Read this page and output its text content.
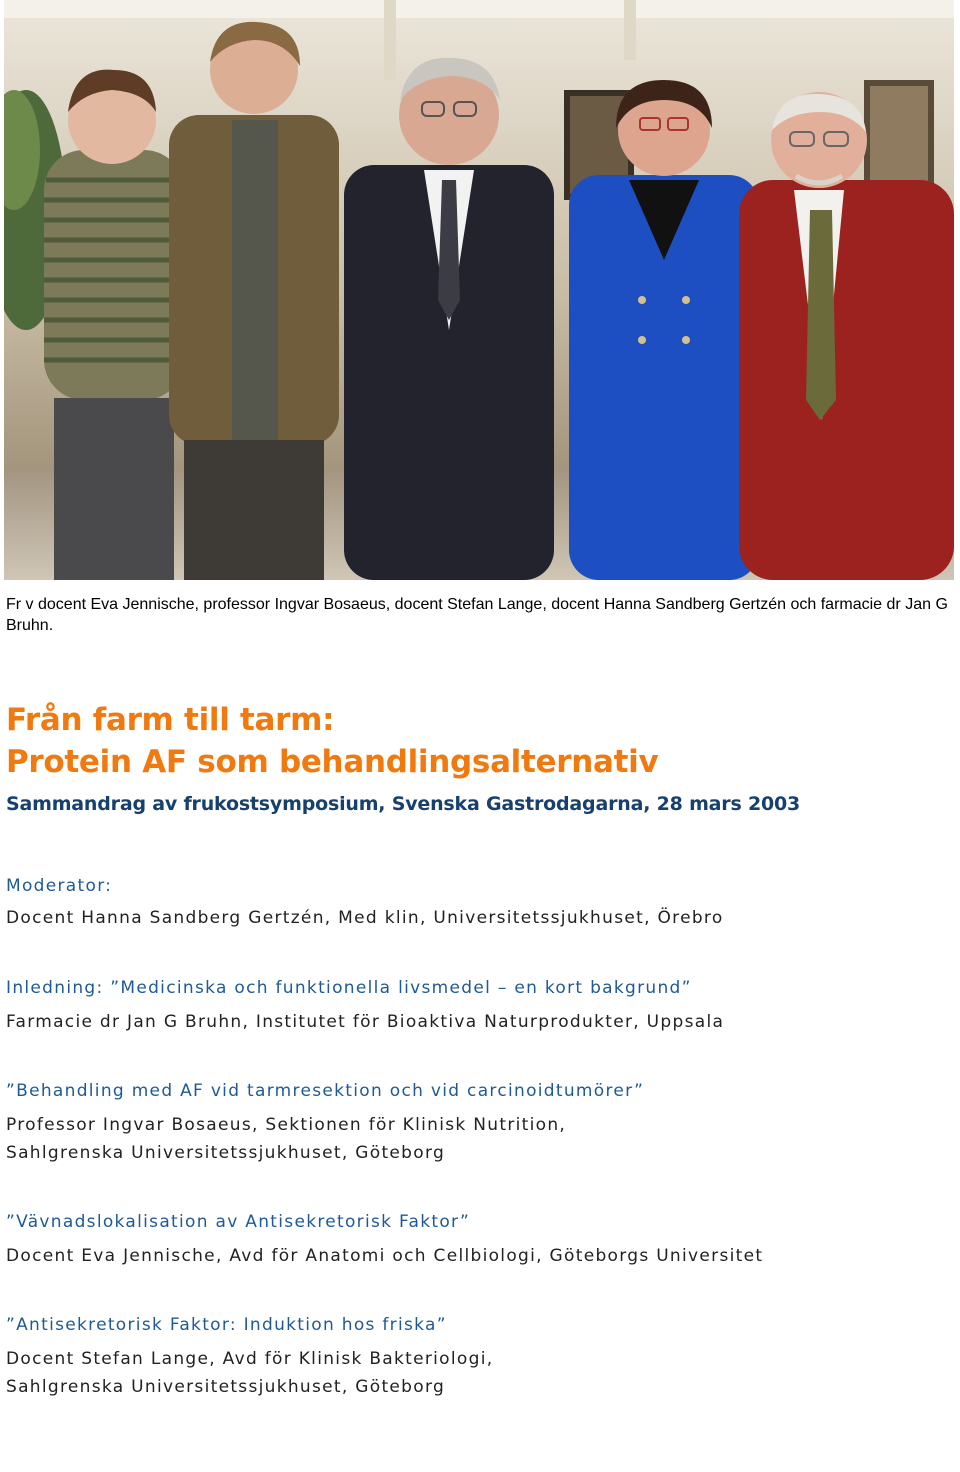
Fr v docent Eva Jennische, professor Ingvar Bosaeus, docent Stefan Lange, docent Hanna Sandberg Gertzén och farmacie dr Jan G Bruhn.

Från farm till tarm:
Protein AF som behandlingsalternativ
Sammandrag av frukostsymposium, Svenska Gastrodagarna, 28 mars 2003

Moderator:

Docent Hanna Sandberg Gertzén, Med klin, Universitetssjukhuset, Örebro

Inledning: ”Medicinska och funktionella livsmedel – en kort bakgrund”

Farmacie dr Jan G Bruhn, Institutet för Bioaktiva Naturprodukter, Uppsala

”Behandling med AF vid tarmresektion och vid carcinoidtumörer”

Professor Ingvar Bosaeus, Sektionen för Klinisk Nutrition,

Sahlgrenska Universitetssjukhuset, Göteborg

”Vävnadslokalisation av Antisekretorisk Faktor”

Docent Eva Jennische, Avd för Anatomi och Cellbiologi, Göteborgs Universitet

”Antisekretorisk Faktor: Induktion hos friska”

Docent Stefan Lange, Avd för Klinisk Bakteriologi,

Sahlgrenska Universitetssjukhuset, Göteborg
